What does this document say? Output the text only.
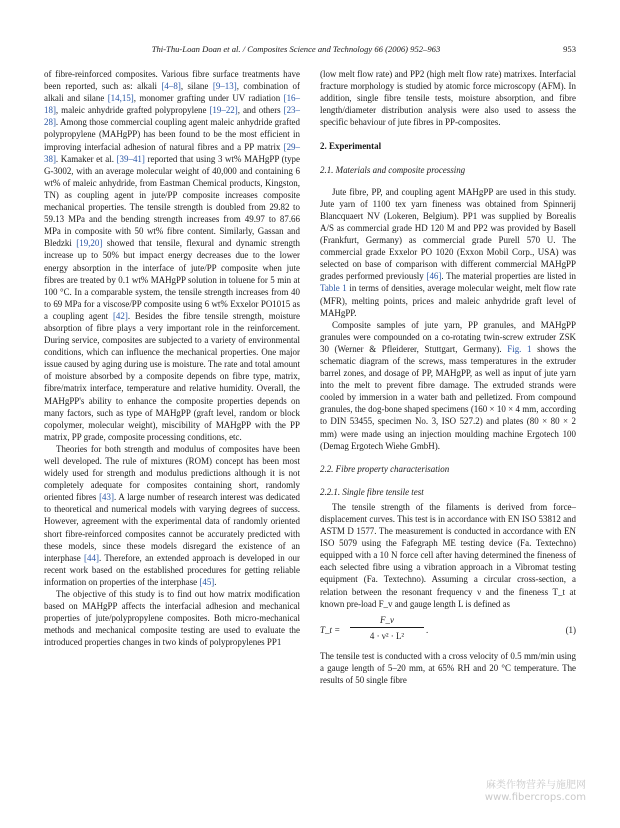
Thi-Thu-Loan Doan et al. / Composites Science and Technology 66 (2006) 952–963	953

of fibre-reinforced composites. Various fibre surface treatments have been reported, such as: alkali [4–8], silane [9–13], combination of alkali and silane [14,15], monomer grafting under UV radiation [16–18], maleic anhydride grafted polypropylene [19–22], and others [23–28]. Among those commercial coupling agent maleic anhydride grafted polypropylene (MAHgPP) has been found to be the most efficient in improving interfacial adhesion of natural fibres and a PP matrix [29–38]. Kamaker et al. [39–41] reported that using 3 wt% MAHgPP (type G-3002, with an average molecular weight of 40,000 and containing 6 wt% of maleic anhydride, from Eastman Chemical products, Kingston, TN) as coupling agent in jute/PP composite increases composite mechanical properties. The tensile strength is doubled from 29.82 to 59.13 MPa and the bending strength increases from 49.97 to 87.66 MPa in composite with 50 wt% fibre content. Similarly, Gassan and Bledzki [19,20] showed that tensile, flexural and dynamic strength increase up to 50% but impact energy decreases due to the lower energy absorption in the interface of jute/PP composite when jute fibres are treated by 0.1 wt% MAHgPP solution in toluene for 5 min at 100 °C. In a comparable system, the tensile strength increases from 40 to 69 MPa for a viscose/PP composite using 6 wt% Exxelor PO1015 as a coupling agent [42]. Besides the fibre tensile strength, moisture absorption of fibre plays a very important role in the reinforcement. During service, composites are subjected to a variety of environmental conditions, which can influence the mechanical properties. One major issue caused by aging during use is moisture. The rate and total amount of moisture absorbed by a composite depends on fibre type, matrix, fibre/matrix interface, temperature and relative humidity. Overall, the MAHgPP's ability to enhance the composite properties depends on many factors, such as type of MAHgPP (graft level, random or block copolymer, molecular weight), miscibility of MAHgPP with the PP matrix, PP grade, composite processing conditions, etc.

Theories for both strength and modulus of composites have been well developed. The rule of mixtures (ROM) concept has been most widely used for strength and modulus predictions although it is not completely adequate for composites containing short, randomly oriented fibres [43]. A large number of research interest was dedicated to theoretical and numerical models with varying degrees of success. However, agreement with the experimental data of randomly oriented short fibre-reinforced composites cannot be accurately predicted with these models, since these models disregard the existence of an interphase [44]. Therefore, an extended approach is developed in our recent work based on the established procedures for getting reliable information on properties of the interphase [45].

The objective of this study is to find out how matrix modification based on MAHgPP affects the interfacial adhesion and mechanical properties of jute/polypropylene composites. Both micro-mechanical methods and mechanical composite testing are used to evaluate the introduced properties changes in two kinds of polypropylenes PP1

(low melt flow rate) and PP2 (high melt flow rate) matrixes. Interfacial fracture morphology is studied by atomic force microscopy (AFM). In addition, single fibre tensile tests, moisture absorption, and fibre length/diameter distribution analysis were also used to assess the specific behaviour of jute fibres in PP-composites.

2. Experimental
2.1. Materials and composite processing

Jute fibre, PP, and coupling agent MAHgPP are used in this study. Jute yarn of 1100 tex yarn fineness was obtained from Spinnerij Blancquaert NV (Lokeren, Belgium). PP1 was supplied by Borealis A/S as commercial grade HD 120 M and PP2 was provided by Basell (Frankfurt, Germany) as commercial grade Purell 570 U. The commercial grade Exxelor PO 1020 (Exxon Mobil Corp., USA) was selected on base of comparison with different commercial MAHgPP grades performed previously [46]. The material properties are listed in Table 1 in terms of densities, average molecular weight, melt flow rate (MFR), melting points, prices and maleic anhydride graft level of MAHgPP.

Composite samples of jute yarn, PP granules, and MAHgPP granules were compounded on a co-rotating twin-screw extruder ZSK 30 (Werner & Pfleiderer, Stuttgart, Germany). Fig. 1 shows the schematic diagram of the screws, mass temperatures in the extruder barrel zones, and dosage of PP, MAHgPP, as well as input of jute yarn into the melt to prevent fibre damage. The extruded strands were cooled by immersion in a water bath and pelletized. From compound granules, the dog-bone shaped specimens (160 × 10 × 4 mm, according to DIN 53455, specimen No. 3, ISO 527.2) and plates (80 × 80 × 2 mm) were made using an injection moulding machine Ergotech 100 (Demag Ergotech Wiehe GmbH).

2.2. Fibre property characterisation
2.2.1. Single fibre tensile test

The tensile strength of the filaments is derived from force–displacement curves. This test is in accordance with EN ISO 53812 and ASTM D 1577. The measurement is conducted in accordance with EN ISO 5079 using the Fafegraph ME testing device (Fa. Textechno) equipped with a 10 N force cell after having determined the fineness of each selected fibre using a vibration approach in a Vibromat testing equipment (Fa. Textechno). Assuming a circular cross-section, a relation between the resonant frequency ν and the fineness T_t at known pre-load F_v and gauge length L is defined as

T_t =
F_v
4 · ν² · L²
.	(1)

The tensile test is conducted with a cross velocity of 0.5 mm/min using a gauge length of 5–20 mm, at 65% RH and 20 °C temperature. The results of 50 single fibre

麻类作物营养与施肥网
www.fibercrops.com
